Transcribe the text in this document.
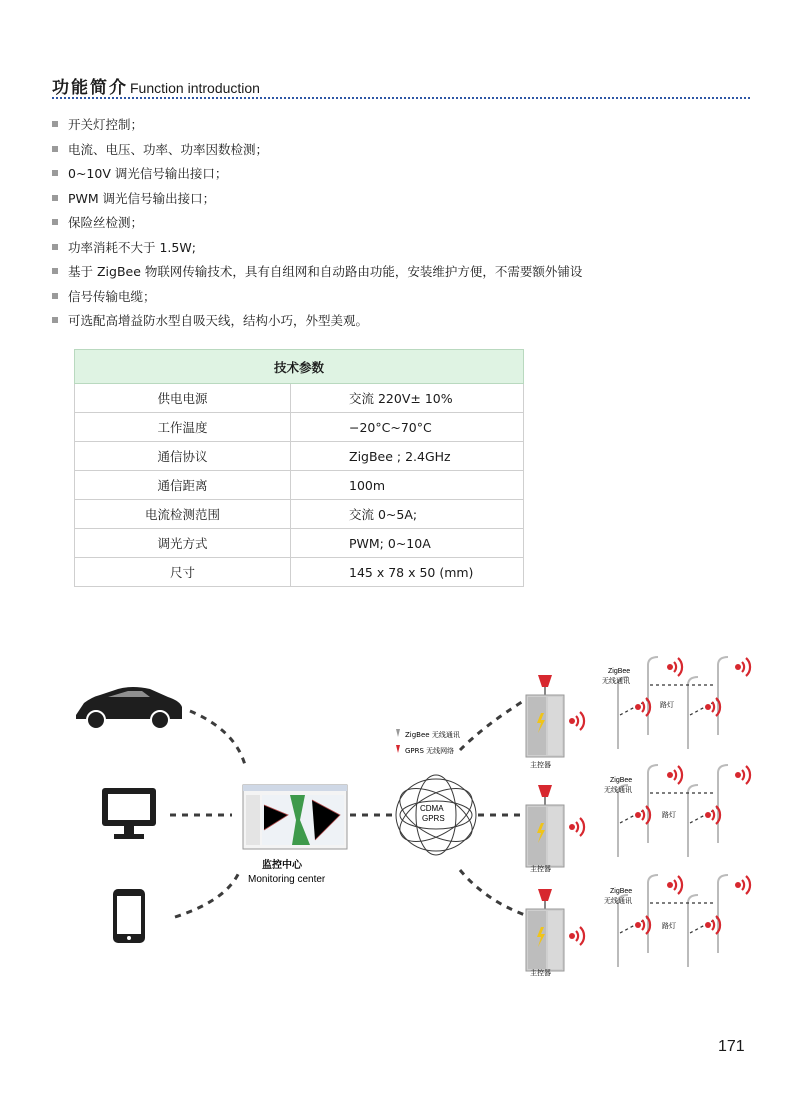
功能简介 Function introduction
开关灯控制；
电流、电压、功率、功率因数检测；
0~10V 调光信号输出接口；
PWM 调光信号输出接口；
保险丝检测；
功率消耗不大于 1.5W;
基于 ZigBee 物联网传输技术，具有自组网和自动路由功能，安装维护方便，不需要额外铺设
信号传输电缆；
可选配高增益防水型自吸天线，结构小巧，外型美观。
技术参数	
供电电源	交流 220V± 10%
工作温度	−20°C~70°C
通信协议	ZigBee ; 2.4GHz
通信距离	100m
电流检测范围	交流 0~5A;
调光方式	PWM; 0~10A
尺寸	145 x 78 x 50 (mm)
监控中心
Monitoring center
CDMA
GPRS
ZigBee 无线通讯
GPRS 无线网络
主控器
主控器
主控器
ZigBee
无线通讯
路灯
ZigBee
无线通讯
路灯
ZigBee
无线通讯
路灯
171
